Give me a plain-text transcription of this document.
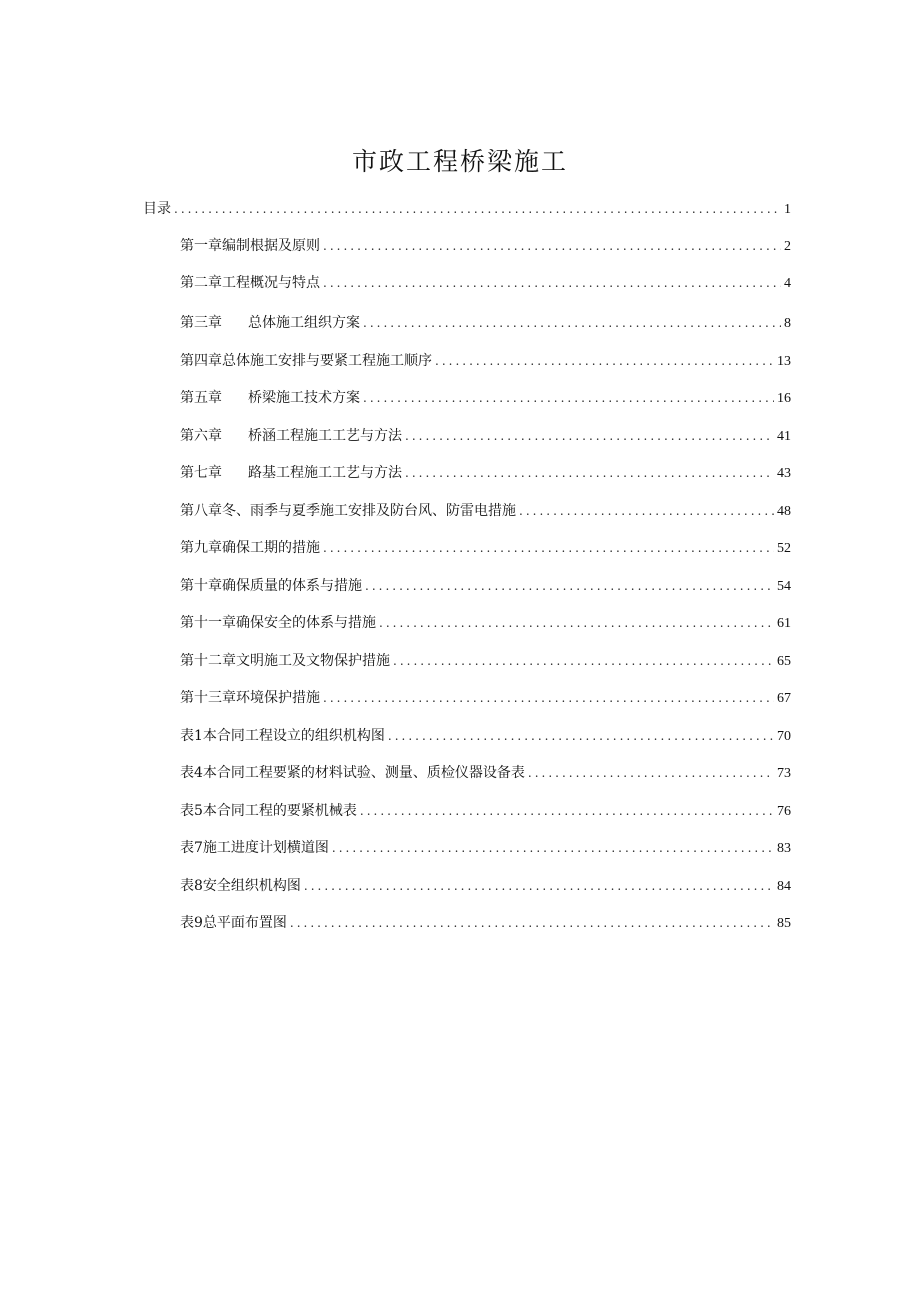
市政工程桥梁施工
目录 .....	1
第一章编制根据及原则 .....	2
第二章工程概况与特点 .....	4
第三章 总体施工组织方案 .....	8
第四章总体施工安排与要紧工程施工顺序 .....	13
第五章 桥梁施工技术方案 .....	16
第六章 桥涵工程施工工艺与方法 .....	41
第七章 路基工程施工工艺与方法 .....	43
第八章冬、雨季与夏季施工安排及防台风、防雷电措施 .....	48
第九章确保工期的措施 .....	52
第十章确保质量的体系与措施 .....	54
第十一章确保安全的体系与措施 .....	61
第十二章文明施工及文物保护措施 .....	65
第十三章环境保护措施 .....	67
表1本合同工程设立的组织机构图 .....	70
表4本合同工程要紧的材料试验、测量、质检仪器设备表 .....	73
表5本合同工程的要紧机械表 .....	76
表7施工进度计划横道图 .....	83
表8安全组织机构图 .....	84
表9总平面布置图 .....	85
